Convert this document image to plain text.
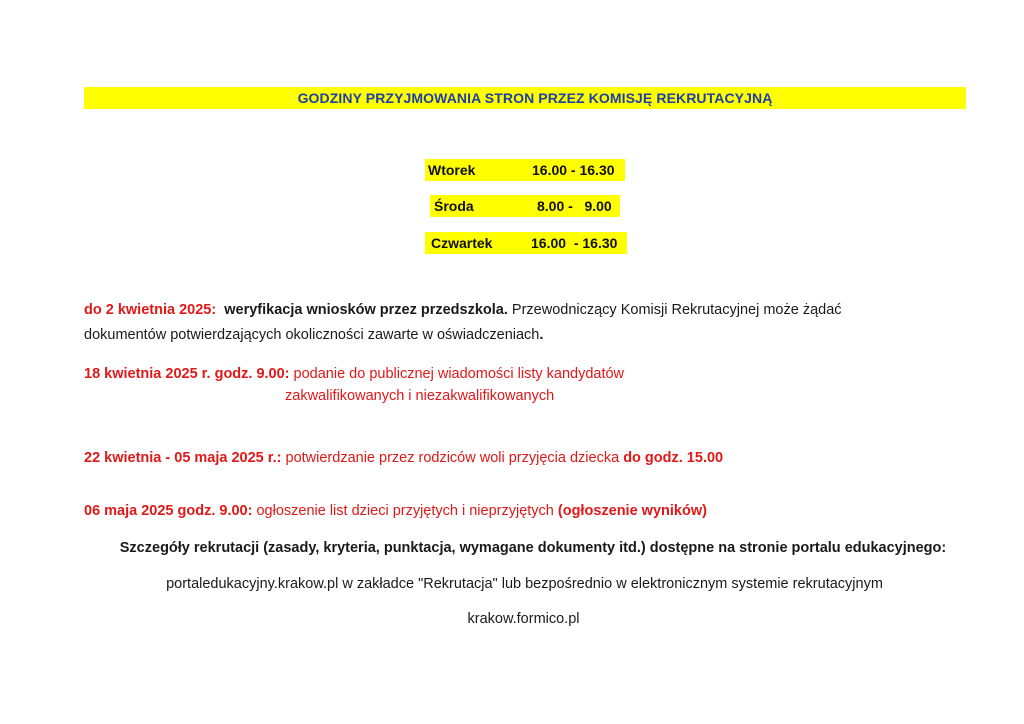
GODZINY PRZYJMOWANIA STRON PRZEZ KOMISJĘ REKRUTACYJNĄ
Wtorek	16.00 - 16.30
Środa	8.00 -   9.00
Czwartek	16.00  - 16.30
do 2 kwietnia 2025: weryfikacja wniosków przez przedszkola. Przewodniczący Komisji Rekrutacyjnej może żądać
dokumentów potwierdzających okoliczności zawarte w oświadczeniach.
18 kwietnia 2025 r. godz. 9.00: podanie do publicznej wiadomości listy kandydatów
zakwalifikowanych i niezakwalifikowanych
22 kwietnia - 05 maja 2025 r.: potwierdzanie przez rodziców woli przyjęcia dziecka do godz. 15.00
06 maja 2025 godz. 9.00: ogłoszenie list dzieci przyjętych i nieprzyjętych (ogłoszenie wyników)
Szczegóły rekrutacji (zasady, kryteria, punktacja, wymagane dokumenty itd.) dostępne na stronie portalu edukacyjnego:
portaledukacyjny.krakow.pl w zakładce "Rekrutacja" lub bezpośrednio w elektronicznym systemie rekrutacyjnym
krakow.formico.pl
